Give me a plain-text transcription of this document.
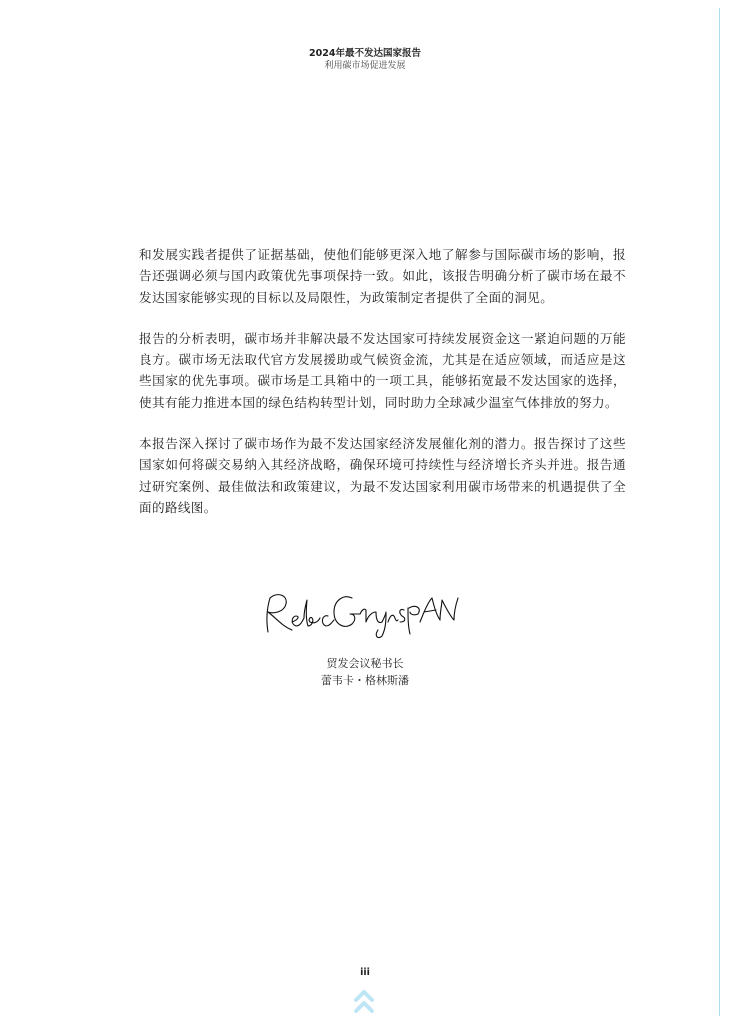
2024年最不发达国家报告
利用碳市场促进发展

和发展实践者提供了证据基础，使他们能够更深入地了解参与国际碳市场的影响，报告还强调必须与国内政策优先事项保持一致。如此，该报告明确分析了碳市场在最不发达国家能够实现的目标以及局限性，为政策制定者提供了全面的洞见。

报告的分析表明，碳市场并非解决最不发达国家可持续发展资金这一紧迫问题的万能良方。碳市场无法取代官方发展援助或气候资金流，尤其是在适应领域，而适应是这些国家的优先事项。碳市场是工具箱中的一项工具，能够拓宽最不发达国家的选择，使其有能力推进本国的绿色结构转型计划，同时助力全球减少温室气体排放的努力。

本报告深入探讨了碳市场作为最不发达国家经济发展催化剂的潜力。报告探讨了这些国家如何将碳交易纳入其经济战略，确保环境可持续性与经济增长齐头并进。报告通过研究案例、最佳做法和政策建议，为最不发达国家利用碳市场带来的机遇提供了全面的路线图。

贸发会议秘书长
蕾韦卡・格林斯潘
iii
